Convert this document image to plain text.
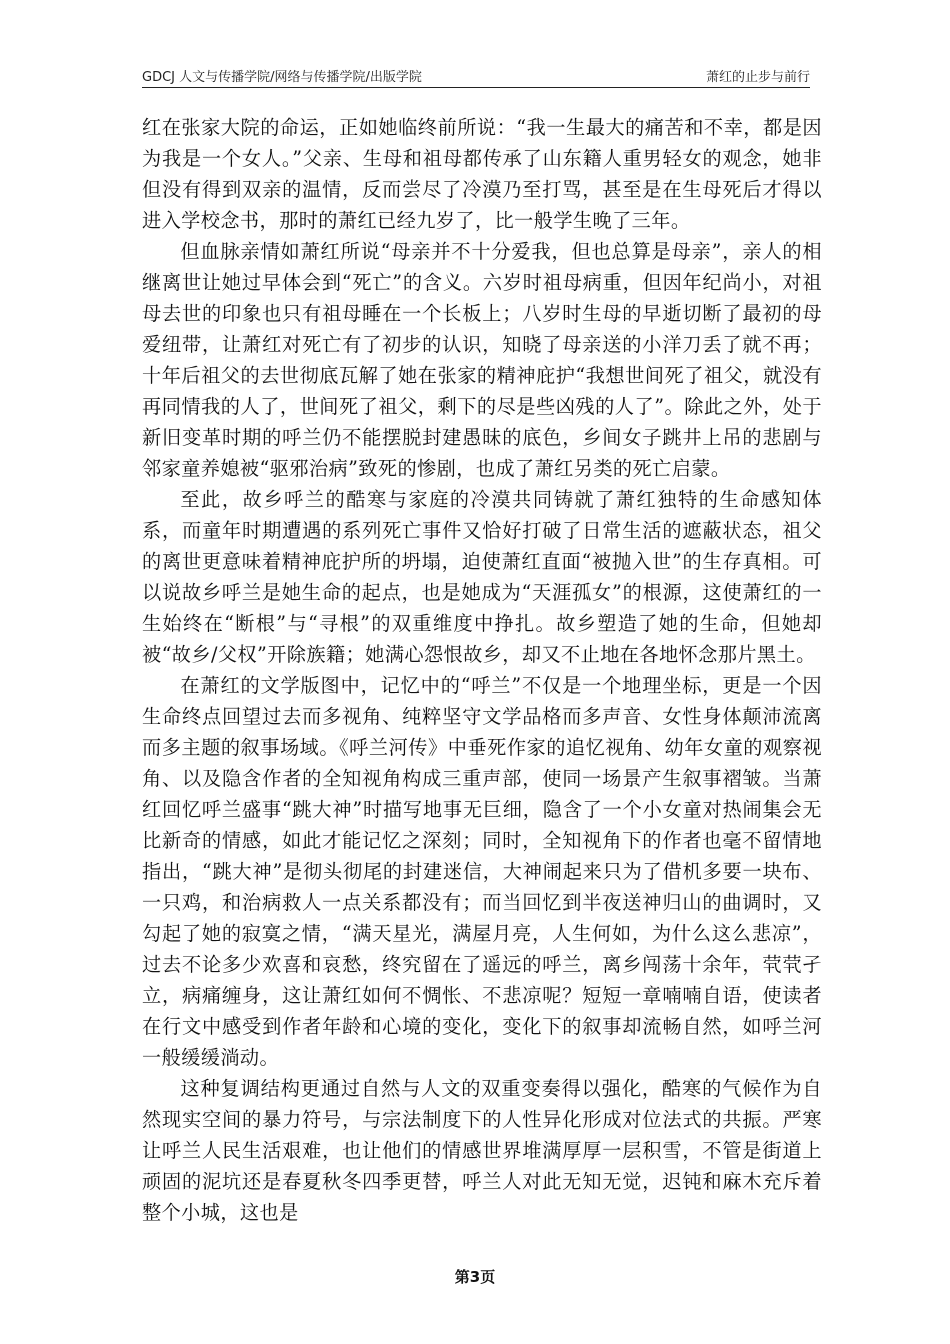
GDCJ 人文与传播学院/网络与传播学院/出版学院	萧红的止步与前行

红在张家大院的命运，正如她临终前所说：“我一生最大的痛苦和不幸，都是因为我是一个女人。”父亲、生母和祖母都传承了山东籍人重男轻女的观念，她非但没有得到双亲的温情，反而尝尽了冷漠乃至打骂，甚至是在生母死后才得以进入学校念书，那时的萧红已经九岁了，比一般学生晚了三年。

但血脉亲情如萧红所说“母亲并不十分爱我，但也总算是母亲”，亲人的相继离世让她过早体会到“死亡”的含义。六岁时祖母病重，但因年纪尚小，对祖母去世的印象也只有祖母睡在一个长板上；八岁时生母的早逝切断了最初的母爱纽带，让萧红对死亡有了初步的认识，知晓了母亲送的小洋刀丢了就不再；十年后祖父的去世彻底瓦解了她在张家的精神庇护“我想世间死了祖父，就没有再同情我的人了，世间死了祖父，剩下的尽是些凶残的人了”。除此之外，处于新旧变革时期的呼兰仍不能摆脱封建愚昧的底色，乡间女子跳井上吊的悲剧与邻家童养媳被“驱邪治病”致死的惨剧，也成了萧红另类的死亡启蒙。

至此，故乡呼兰的酷寒与家庭的冷漠共同铸就了萧红独特的生命感知体系，而童年时期遭遇的系列死亡事件又恰好打破了日常生活的遮蔽状态，祖父的离世更意味着精神庇护所的坍塌，迫使萧红直面“被抛入世”的生存真相。可以说故乡呼兰是她生命的起点，也是她成为“天涯孤女”的根源，这使萧红的一生始终在“断根”与“寻根”的双重维度中挣扎。故乡塑造了她的生命，但她却被“故乡/父权”开除族籍；她满心怨恨故乡，却又不止地在各地怀念那片黑土。

在萧红的文学版图中，记忆中的“呼兰”不仅是一个地理坐标，更是一个因生命终点回望过去而多视角、纯粹坚守文学品格而多声音、女性身体颠沛流离而多主题的叙事场域。《呼兰河传》中垂死作家的追忆视角、幼年女童的观察视角、以及隐含作者的全知视角构成三重声部，使同一场景产生叙事褶皱。当萧红回忆呼兰盛事“跳大神”时描写地事无巨细，隐含了一个小女童对热闹集会无比新奇的情感，如此才能记忆之深刻；同时，全知视角下的作者也毫不留情地指出，“跳大神”是彻头彻尾的封建迷信，大神闹起来只为了借机多要一块布、一只鸡，和治病救人一点关系都没有；而当回忆到半夜送神归山的曲调时，又勾起了她的寂寞之情，“满天星光，满屋月亮，人生何如，为什么这么悲凉”，过去不论多少欢喜和哀愁，终究留在了遥远的呼兰，离乡闯荡十余年，茕茕孑立，病痛缠身，这让萧红如何不惆怅、不悲凉呢？短短一章喃喃自语，使读者在行文中感受到作者年龄和心境的变化，变化下的叙事却流畅自然，如呼兰河一般缓缓淌动。

这种复调结构更通过自然与人文的双重变奏得以强化，酷寒的气候作为自然现实空间的暴力符号，与宗法制度下的人性异化形成对位法式的共振。严寒让呼兰人民生活艰难，也让他们的情感世界堆满厚厚一层积雪，不管是街道上顽固的泥坑还是春夏秋冬四季更替，呼兰人对此无知无觉，迟钝和麻木充斥着整个小城，这也是

第3页
